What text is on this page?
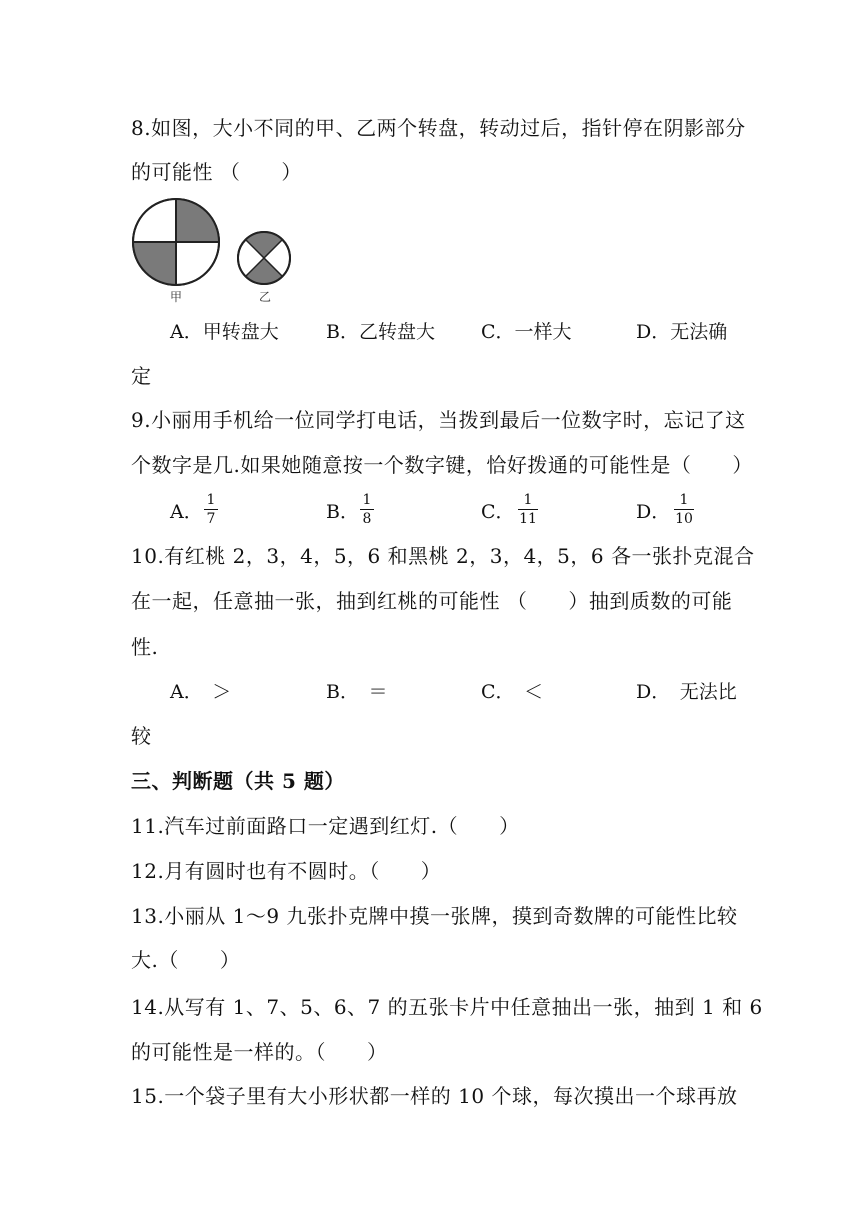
8.如图，大小不同的甲、乙两个转盘，转动过后，指针停在阴影部分
的可能性 （　　）
甲	乙
A．甲转盘大 B．乙转盘大 C．一样大	D．无法确
定
9.小丽用手机给一位同学打电话，当拨到最后一位数字时，忘记了这
个数字是几.如果她随意按一个数字键，恰好拨通的可能性是（　　）
A．
1
7	B．
1
8	C．
1
11	D．
1
10
10.有红桃 2，3，4，5，6 和黑桃 2，3，4，5，6 各一张扑克混合
在一起，任意抽一张，抽到红桃的可能性 （　　）抽到质数的可能
性.
A．　＞	B．　＝	C．　＜	D．　无法比
较
三、判断题（共 5 题）
11.汽车过前面路口一定遇到红灯.（　　）
12.月有圆时也有不圆时。（　　）
13.小丽从 1～9 九张扑克牌中摸一张牌，摸到奇数牌的可能性比较
大.（　　）
14.从写有 1、7、5、6、7 的五张卡片中任意抽出一张，抽到 1 和 6
的可能性是一样的。（　　）
15.一个袋子里有大小形状都一样的 10 个球，每次摸出一个球再放
